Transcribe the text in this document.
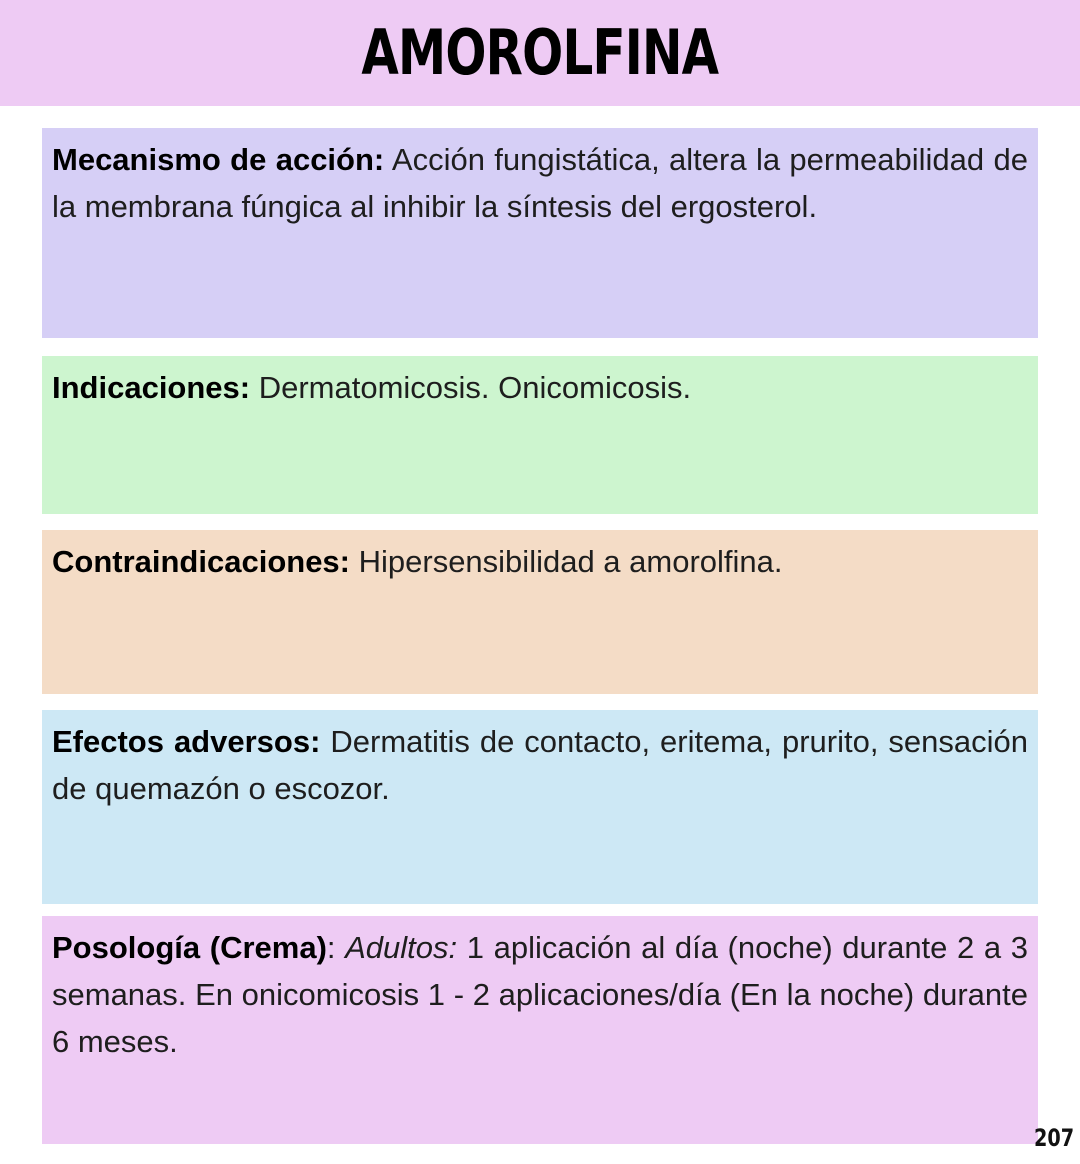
AMOROLFINA
Mecanismo de acción: Acción fungistática, altera la permeabilidad de la membrana fúngica al inhibir la síntesis del ergosterol.
Indicaciones: Dermatomicosis. Onicomicosis.
Contraindicaciones: Hipersensibilidad a amorolfina.
Efectos adversos: Dermatitis de contacto, eritema, prurito, sensación de quemazón o escozor.
Posología (Crema): Adultos: 1 aplicación al día (noche) durante 2 a 3 semanas. En onicomicosis 1 - 2 aplicaciones/día (En la noche) durante 6 meses.
207
